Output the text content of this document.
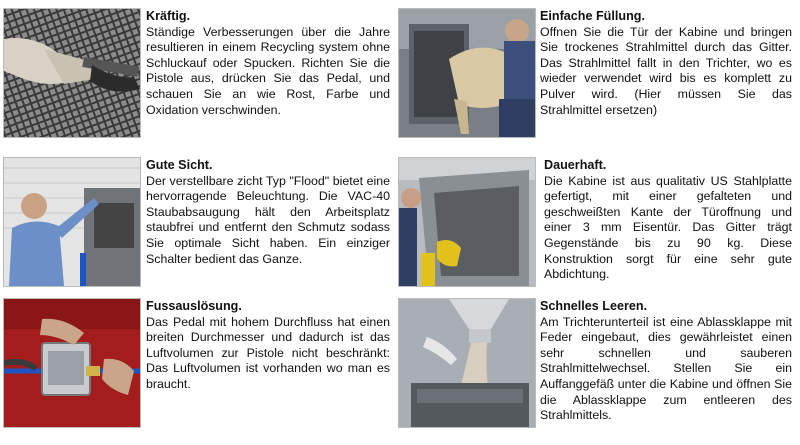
Kräftig.

Ständige Verbesserungen über die Jahre resultieren in einem Recycling system ohne Schluckauf oder Spucken. Richten Sie die Pistole aus, drücken Sie das Pedal, und schauen Sie an wie Rost, Farbe und Oxidation verschwinden.

Einfache Füllung.

Offnen Sie die Tür der Kabine und bringen Sie trockenes Strahlmittel durch das Gitter. Das Strahlmittel fallt in den Trichter, wo es wieder verwendet wird bis es komplett zu Pulver wird. (Hier müssen Sie das Strahlmittel ersetzen)

Gute Sicht.

Der verstellbare zicht Typ "Flood" bietet eine hervorragende Beleuchtung. Die VAC-40 Staubabsaugung hält den Arbeitsplatz staubfrei und entfernt den Schmutz sodass Sie optimale Sicht haben. Ein einziger Schalter bedient das Ganze.

Dauerhaft.

Die Kabine ist aus qualitativ US Stahlplatte gefertigt, mit einer gefalteten und geschweißten Kante der Türoffnung und einer 3 mm Eisentür. Das Gitter trägt Gegenstände bis zu 90 kg. Diese Konstruktion sorgt für eine sehr gute Abdichtung.

Fussauslösung.

Das Pedal mit hohem Durchfluss hat einen breiten Durchmesser und dadurch ist das Luftvolumen zur Pistole nicht beschränkt: Das Luftvolumen ist vorhanden wo man es braucht.

Schnelles Leeren.

Am Trichterunterteil ist eine Ablassklappe mit Feder eingebaut, dies gewährleistet einen sehr schnellen und sauberen Strahlmittelwechsel. Stellen Sie ein Auffanggefäß unter die Kabine und öffnen Sie die Ablassklappe zum entleeren des Strahlmittels.
